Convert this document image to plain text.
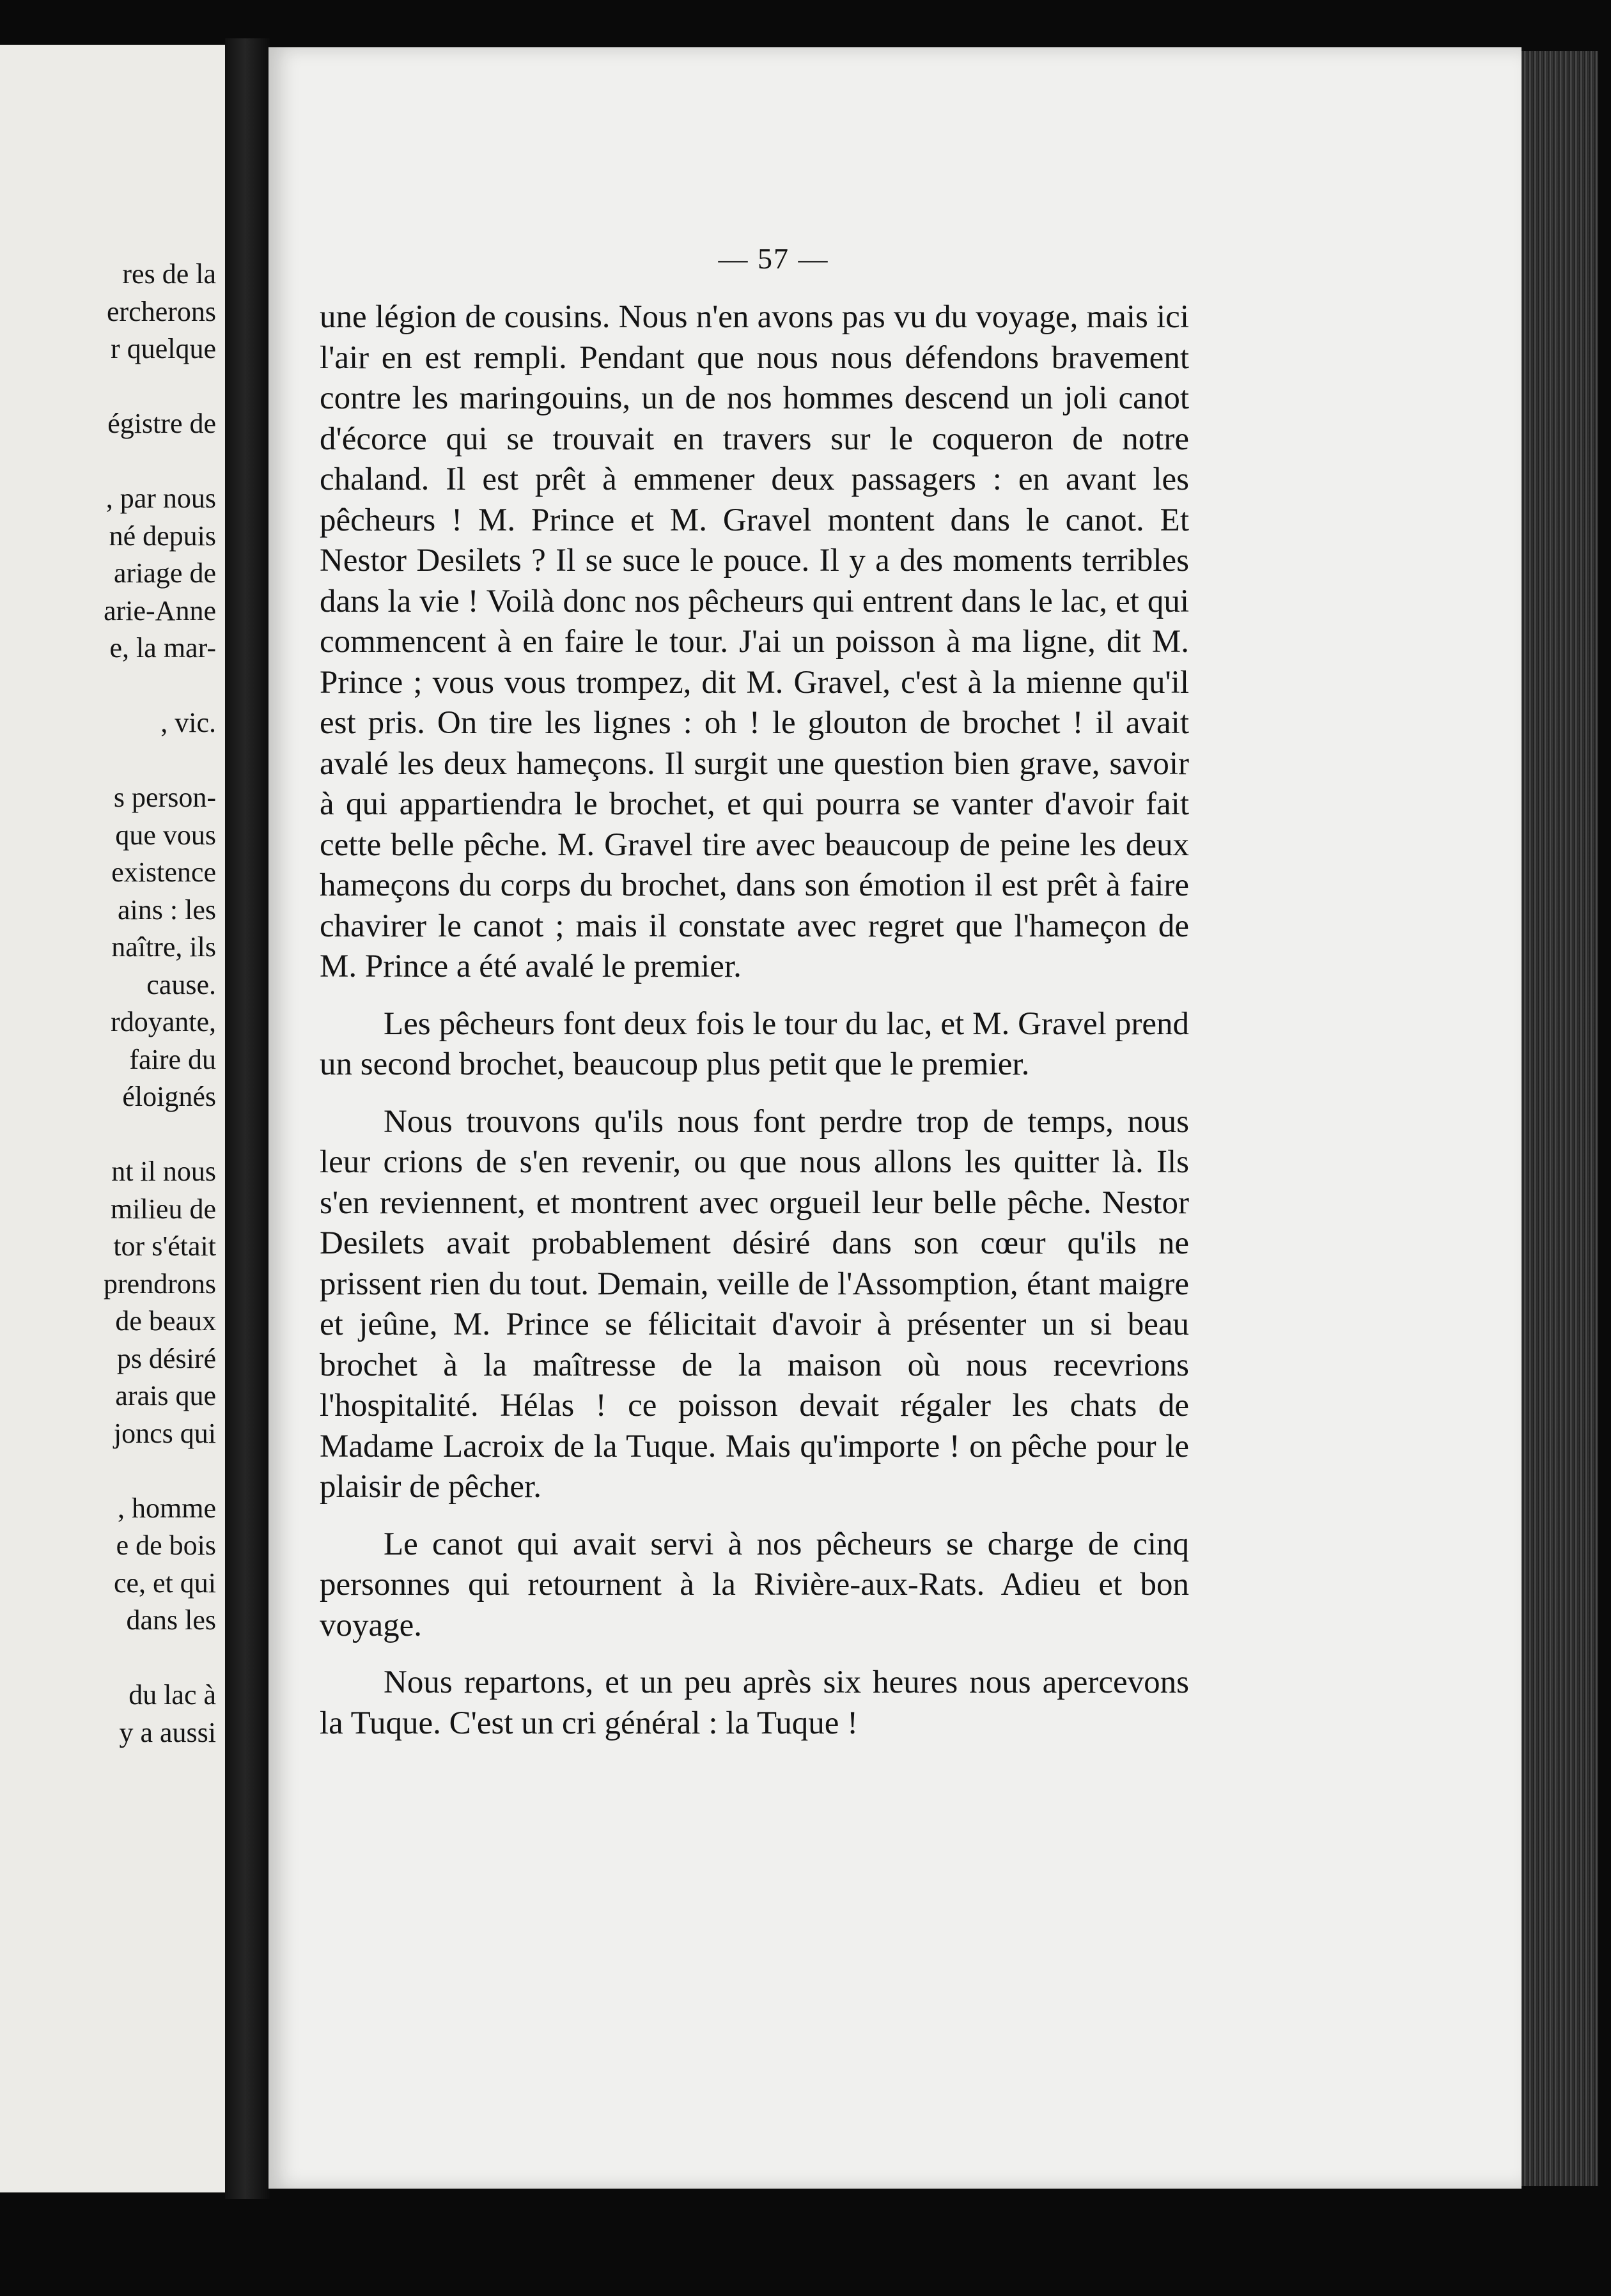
res de la
ercherons
r quelque
égistre de
, par nous
né depuis
ariage de
arie-Anne
e, la mar-
, vic.
s person-
que vous
existence
ains : les
naître, ils
cause.
rdoyante,
faire du
éloignés
nt il nous
milieu de
tor s'était
prendrons
de beaux
ps désiré
arais que
joncs qui
, homme
e de bois
ce, et qui
dans les
du lac à
y a aussi
— 57 —

une légion de cousins. Nous n'en avons pas vu du voyage, mais ici l'air en est rempli. Pendant que nous nous défendons bravement contre les maringouins, un de nos hommes descend un joli canot d'écorce qui se trouvait en travers sur le coqueron de notre chaland. Il est prêt à emmener deux passagers : en avant les pêcheurs ! M. Prince et M. Gravel montent dans le canot. Et Nestor Desilets ? Il se suce le pouce. Il y a des moments terribles dans la vie ! Voilà donc nos pêcheurs qui entrent dans le lac, et qui commencent à en faire le tour. J'ai un poisson à ma ligne, dit M. Prince ; vous vous trompez, dit M. Gravel, c'est à la mienne qu'il est pris. On tire les lignes : oh ! le glouton de brochet ! il avait avalé les deux hameçons. Il surgit une question bien grave, savoir à qui appartiendra le brochet, et qui pourra se vanter d'avoir fait cette belle pêche. M. Gravel tire avec beaucoup de peine les deux hameçons du corps du brochet, dans son émotion il est prêt à faire chavirer le canot ; mais il constate avec regret que l'hameçon de M. Prince a été avalé le premier.

Les pêcheurs font deux fois le tour du lac, et M. Gravel prend un second brochet, beaucoup plus petit que le premier.

Nous trouvons qu'ils nous font perdre trop de temps, nous leur crions de s'en revenir, ou que nous allons les quitter là. Ils s'en reviennent, et montrent avec orgueil leur belle pêche. Nestor Desilets avait probablement désiré dans son cœur qu'ils ne prissent rien du tout. Demain, veille de l'Assomption, étant maigre et jeûne, M. Prince se félicitait d'avoir à présenter un si beau brochet à la maîtresse de la maison où nous recevrions l'hospitalité. Hélas ! ce poisson devait régaler les chats de Madame Lacroix de la Tuque. Mais qu'importe ! on pêche pour le plaisir de pêcher.

Le canot qui avait servi à nos pêcheurs se charge de cinq personnes qui retournent à la Rivière-aux-Rats. Adieu et bon voyage.

Nous repartons, et un peu après six heures nous apercevons la Tuque. C'est un cri général : la Tuque !
